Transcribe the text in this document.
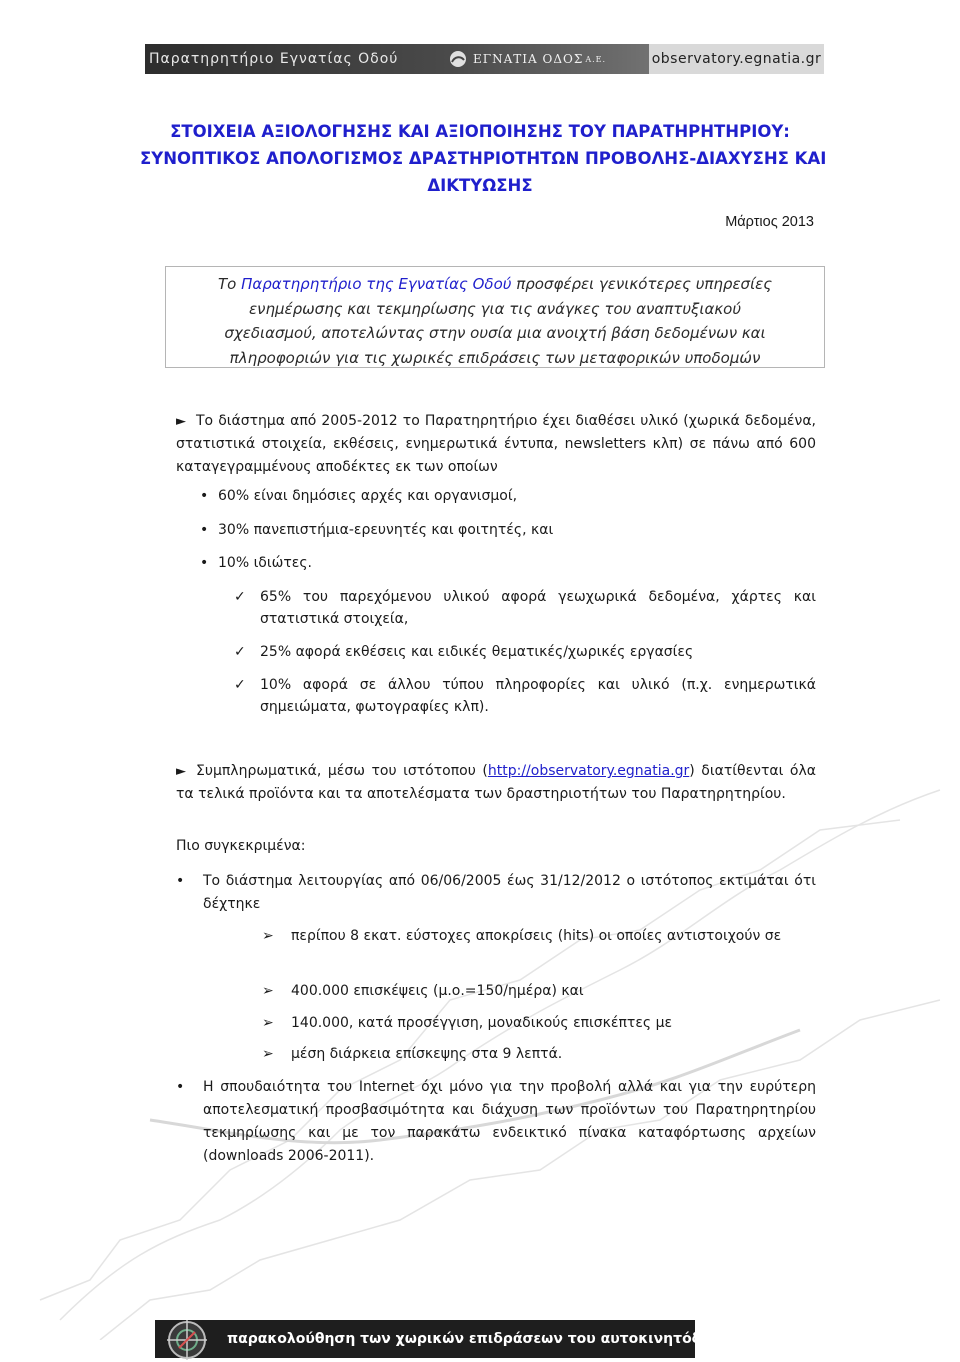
Παρατηρητήριο Εγνατίας Οδού	ΕΓΝΑΤΙΑ ΟΔΟΣ Α.Ε.	observatory.egnatia.gr
ΣΤΟΙΧΕΙΑ ΑΞΙΟΛΟΓΗΣΗΣ ΚΑΙ ΑΞΙΟΠΟΙΗΣΗΣ ΤΟΥ ΠΑΡΑΤΗΡΗΤΗΡΙΟΥ:
ΣΥΝΟΠΤΙΚΟΣ ΑΠΟΛΟΓΙΣΜΟΣ ΔΡΑΣΤΗΡΙΟΤΗΤΩΝ ΠΡΟΒΟΛΗΣ-ΔΙΑΧΥΣΗΣ ΚΑΙ
ΔΙΚΤΥΩΣΗΣ
Μάρτιος 2013
Το Παρατηρητήριο της Εγνατίας Οδού προσφέρει γενικότερες υπηρεσίες
ενημέρωσης και τεκμηρίωσης για τις ανάγκες του αναπτυξιακού
σχεδιασμού, αποτελώντας στην ουσία μια ανοιχτή βάση δεδομένων και
πληροφοριών για τις χωρικές επιδράσεις των μεταφορικών υποδομών
► Το διάστημα από 2005-2012 το Παρατηρητήριο έχει διαθέσει υλικό (χωρικά δεδομένα, στατιστικά στοιχεία, εκθέσεις, ενημερωτικά έντυπα, newsletters κλπ) σε πάνω από 600 καταγεγραμμένους αποδέκτες εκ των οποίων
• 60% είναι δημόσιες αρχές και οργανισμοί,
• 30% πανεπιστήμια-ερευνητές και φοιτητές, και
• 10% ιδιώτες.
✓ 65% του παρεχόμενου υλικού αφορά γεωχωρικά δεδομένα, χάρτες και στατιστικά στοιχεία,
✓ 25% αφορά εκθέσεις και ειδικές θεματικές/χωρικές εργασίες
✓ 10% αφορά σε άλλου τύπου πληροφορίες και υλικό (π.χ. ενημερωτικά σημειώματα, φωτογραφίες κλπ).
► Συμπληρωματικά, μέσω του ιστότοπου (http://observatory.egnatia.gr) διατίθενται όλα τα τελικά προϊόντα και τα αποτελέσματα των δραστηριοτήτων του Παρατηρητηρίου.
Πιο συγκεκριμένα:
• Το διάστημα λειτουργίας από 06/06/2005 έως 31/12/2012 ο ιστότοπος εκτιμάται ότι δέχτηκε
➢ περίπου 8 εκατ. εύστοχες αποκρίσεις (hits) οι οποίες αντιστοιχούν σε
➢ 400.000 επισκέψεις (μ.ο.=150/ημέρα) και
➢ 140.000, κατά προσέγγιση, μοναδικούς επισκέπτες με
➢ μέση διάρκεια επίσκεψης στα 9 λεπτά.
• Η σπουδαιότητα του Internet όχι μόνο για την προβολή αλλά και για την ευρύτερη αποτελεσματική προσβασιμότητα και διάχυση των προϊόντων του Παρατηρητηρίου τεκμηρίωσης και με τον παρακάτω ενδεικτικό πίνακα καταφόρτωσης αρχείων (downloads 2006-2011).
παρακολούθηση των χωρικών επιδράσεων του αυτοκινητόδρομου
